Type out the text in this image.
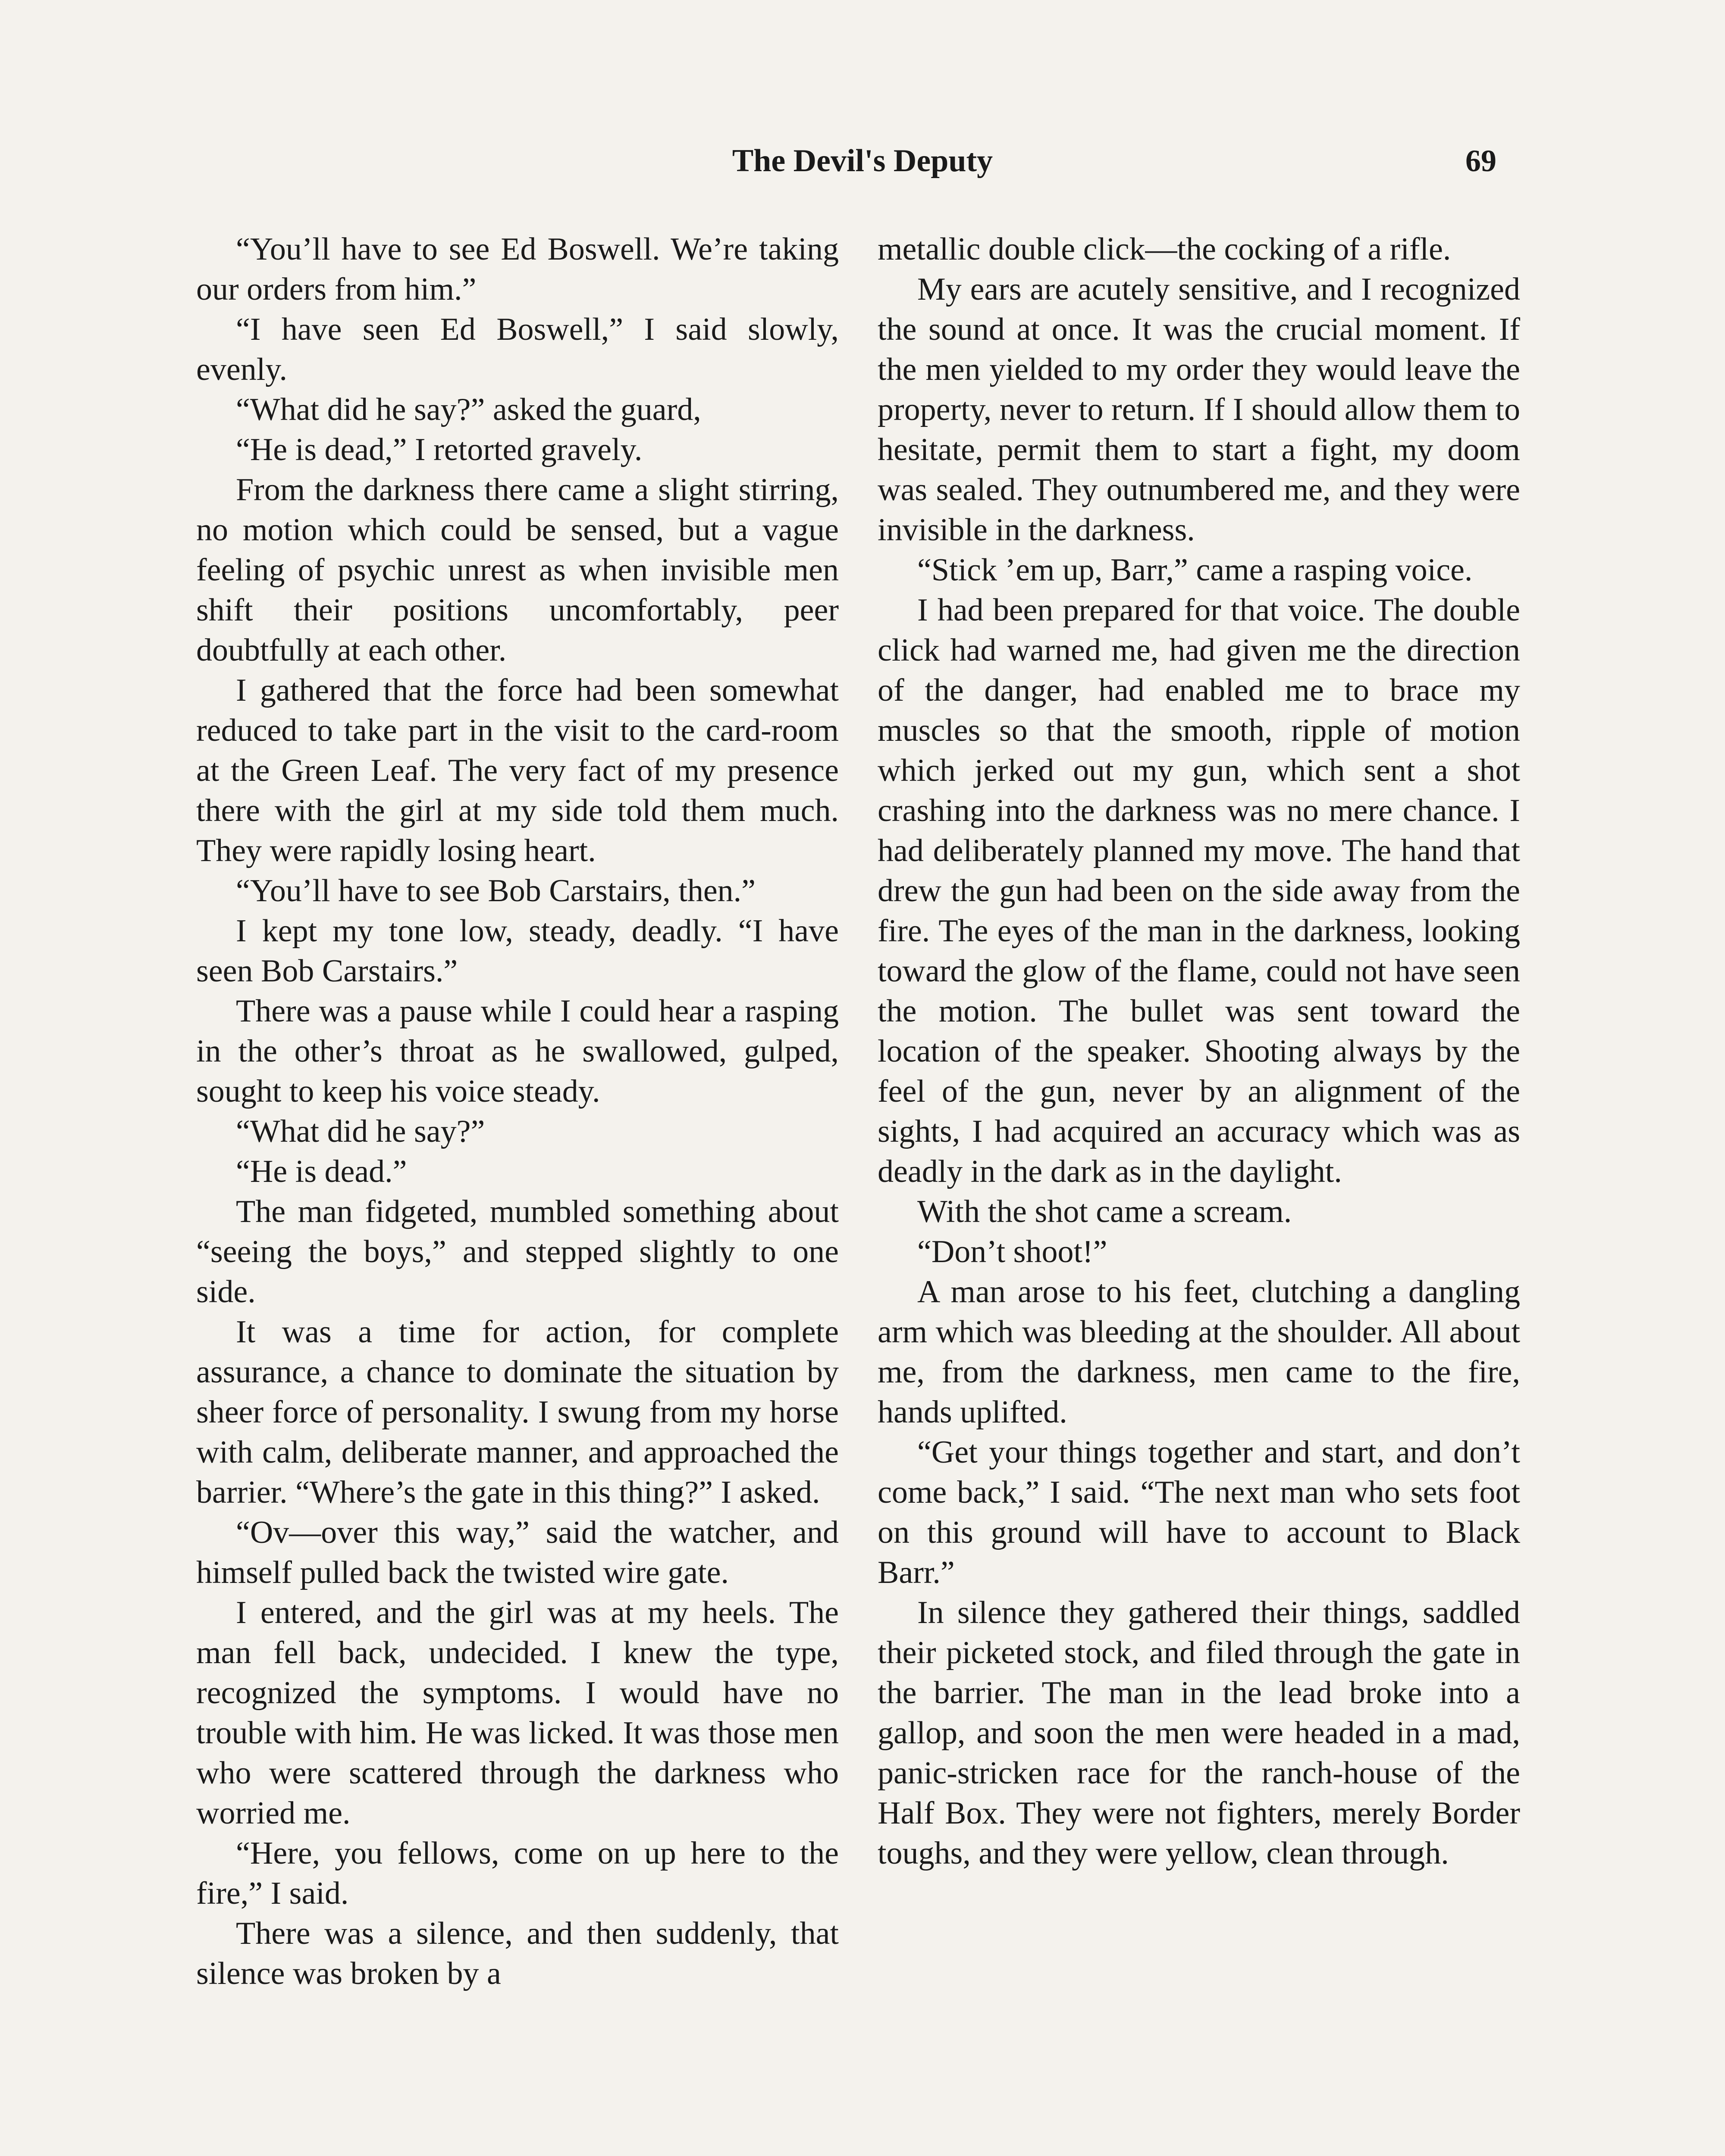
The Devil's Deputy	69

“You’ll have to see Ed Boswell. We’re taking our orders from him.”

“I have seen Ed Boswell,” I said slowly, evenly.

“What did he say?” asked the guard,

“He is dead,” I retorted gravely.

From the darkness there came a slight stirring, no motion which could be sensed, but a vague feeling of psychic unrest as when invisible men shift their positions uncomfortably, peer doubtfully at each other.

I gathered that the force had been somewhat reduced to take part in the visit to the card-room at the Green Leaf. The very fact of my presence there with the girl at my side told them much. They were rapidly losing heart.

“You’ll have to see Bob Carstairs, then.”

I kept my tone low, steady, deadly. “I have seen Bob Carstairs.”

There was a pause while I could hear a rasping in the other’s throat as he swallowed, gulped, sought to keep his voice steady.

“What did he say?”

“He is dead.”

The man fidgeted, mumbled something about “seeing the boys,” and stepped slightly to one side.

It was a time for action, for complete assurance, a chance to dominate the situation by sheer force of personality. I swung from my horse with calm, deliberate manner, and approached the barrier. “Where’s the gate in this thing?” I asked.

“Ov—over this way,” said the watcher, and himself pulled back the twisted wire gate.

I entered, and the girl was at my heels. The man fell back, undecided. I knew the type, recognized the symptoms. I would have no trouble with him. He was licked. It was those men who were scattered through the darkness who worried me.

“Here, you fellows, come on up here to the fire,” I said.

There was a silence, and then suddenly, that silence was broken by a

metallic double click—the cocking of a rifle.

My ears are acutely sensitive, and I recognized the sound at once. It was the crucial moment. If the men yielded to my order they would leave the property, never to return. If I should allow them to hesitate, permit them to start a fight, my doom was sealed. They outnumbered me, and they were invisible in the darkness.

“Stick ’em up, Barr,” came a rasping voice.

I had been prepared for that voice. The double click had warned me, had given me the direction of the danger, had enabled me to brace my muscles so that the smooth, ripple of motion which jerked out my gun, which sent a shot crashing into the darkness was no mere chance. I had deliberately planned my move. The hand that drew the gun had been on the side away from the fire. The eyes of the man in the darkness, looking toward the glow of the flame, could not have seen the motion. The bullet was sent toward the location of the speaker. Shooting always by the feel of the gun, never by an alignment of the sights, I had acquired an accuracy which was as deadly in the dark as in the daylight.

With the shot came a scream.

“Don’t shoot!”

A man arose to his feet, clutching a dangling arm which was bleeding at the shoulder. All about me, from the darkness, men came to the fire, hands uplifted.

“Get your things together and start, and don’t come back,” I said. “The next man who sets foot on this ground will have to account to Black Barr.”

In silence they gathered their things, saddled their picketed stock, and filed through the gate in the barrier. The man in the lead broke into a gallop, and soon the men were headed in a mad, panic-stricken race for the ranch-house of the Half Box. They were not fighters, merely Border toughs, and they were yellow, clean through.
